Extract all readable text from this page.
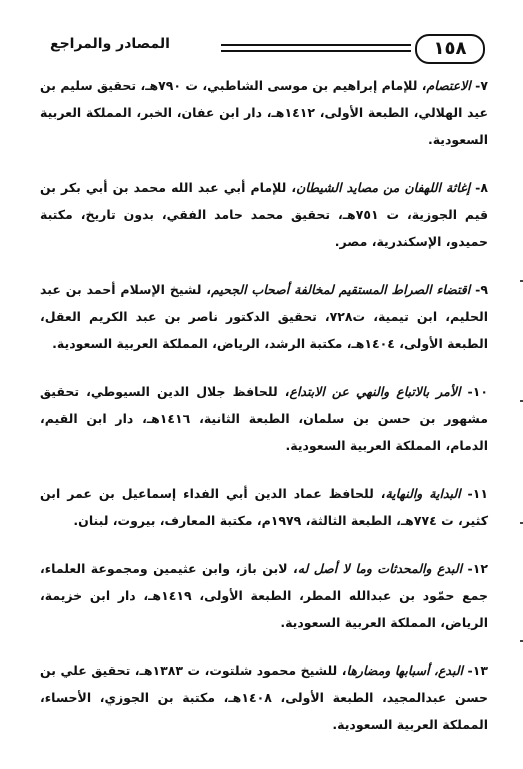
١٥٨
المصادر والمراجع

٧- الاعتصام، للإمام إبراهيم بن موسى الشاطبي، ت ٧٩٠هـ، تحقيق سليم بن عيد الهلالي، الطبعة الأولى، ١٤١٢هـ، دار ابن عفان، الخبر، المملكة العربية السعودية.

٨- إغاثة اللهفان من مصايد الشيطان، للإمام أبي عبد الله محمد بن أبي بكر بن قيم الجوزية، ت ٧٥١هـ، تحقيق محمد حامد الفقي، بدون تاريخ، مكتبة حميدو، الإسكندرية، مصر.

٩- اقتضاء الصراط المستقيم لمخالفة أصحاب الجحيم، لشيخ الإسلام أحمد بن عبد الحليم، ابن تيمية، ت٧٢٨، تحقيق الدكتور ناصر بن عبد الكريم العقل، الطبعة الأولى، ١٤٠٤هـ، مكتبة الرشد، الرياض، المملكة العربية السعودية.

١٠- الأمر بالاتباع والنهي عن الابتداع، للحافظ جلال الدين السيوطي، تحقيق مشهور بن حسن بن سلمان، الطبعة الثانية، ١٤١٦هـ، دار ابن القيم، الدمام، المملكة العربية السعودية.

١١- البداية والنهاية، للحافظ عماد الدين أبي الفداء إسماعيل بن عمر ابن كثير، ت ٧٧٤هـ، الطبعة الثالثة، ١٩٧٩م، مكتبة المعارف، بيروت، لبنان.

١٢- البدع والمحدثات وما لا أصل له، لابن باز، وابن عثيمين ومجموعة العلماء، جمع حمّود بن عبدالله المطر، الطبعة الأولى، ١٤١٩هـ، دار ابن خزيمة، الرياض، المملكة العربية السعودية.

١٣- البدع، أسبابها ومضارها، للشيخ محمود شلتوت، ت ١٣٨٣هـ، تحقيق علي بن حسن عبدالمجيد، الطبعة الأولى، ١٤٠٨هـ، مكتبة بن الجوزي، الأحساء، المملكة العربية السعودية.
